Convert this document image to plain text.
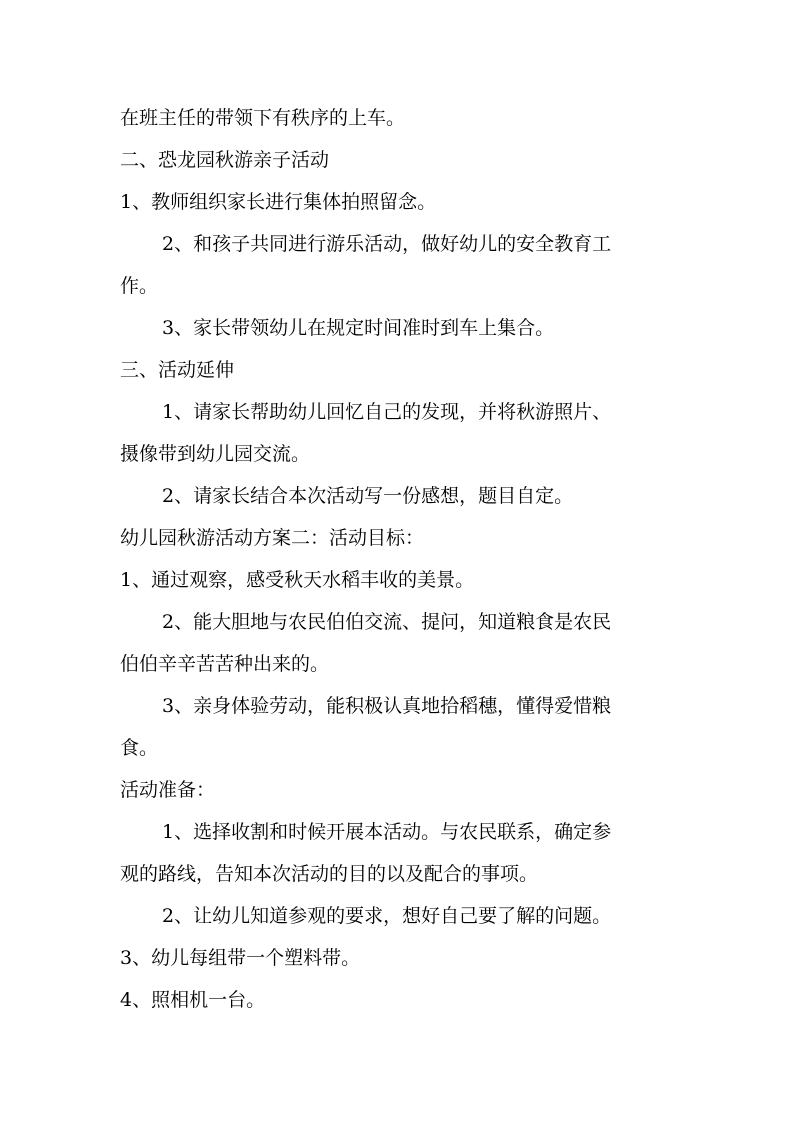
在班主任的带领下有秩序的上车。

二、恐龙园秋游亲子活动

1、教师组织家长进行集体拍照留念。

2、和孩子共同进行游乐活动，做好幼儿的安全教育工

作。

3、家长带领幼儿在规定时间准时到车上集合。

三、活动延伸

1、请家长帮助幼儿回忆自己的发现，并将秋游照片、

摄像带到幼儿园交流。

2、请家长结合本次活动写一份感想，题目自定。

幼儿园秋游活动方案二：活动目标：

1、通过观察，感受秋天水稻丰收的美景。

2、能大胆地与农民伯伯交流、提问，知道粮食是农民

伯伯辛辛苦苦种出来的。

3、亲身体验劳动，能积极认真地拾稻穗，懂得爱惜粮

食。

活动准备：

1、选择收割和时候开展本活动。与农民联系，确定参

观的路线，告知本次活动的目的以及配合的事项。

2、让幼儿知道参观的要求，想好自己要了解的问题。

3、幼儿每组带一个塑料带。

4、照相机一台。
